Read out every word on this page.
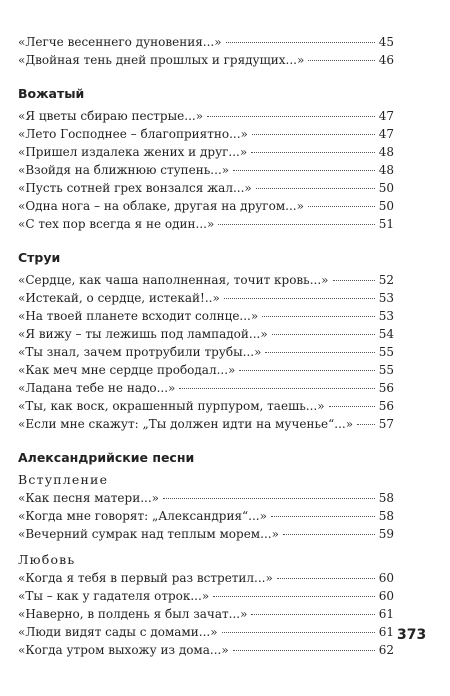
«Легче весеннего дуновения...»	45
«Двойная тень дней прошлых и грядущих...»	46
Вожатый
«Я цветы сбираю пестрые...»	47
«Лето Господнее – благоприятно...»	47
«Пришел издалека жених и друг...»	48
«Взойдя на ближнюю ступень...»	48
«Пусть сотней грех вонзался жал...»	50
«Одна нога – на облаке, другая на другом...»	50
«С тех пор всегда я не один...»	51
Струи
«Сердце, как чаша наполненная, точит кровь...»	52
«Истекай, о сердце, истекай!..»	53
«На твоей планете всходит солнце...»	53
«Я вижу – ты лежишь под лампадой...»	54
«Ты знал, зачем протрубили трубы...»	55
«Как меч мне сердце прободал...»	55
«Ладана тебе не надо...»	56
«Ты, как воск, окрашенный пурпуром, таешь...»	56
«Если мне скажут: „Ты должен идти на мученье“...» 57
Александрийские песни
Вступление
«Как песня матери...»	58
«Когда мне говорят: „Александрия“...»	58
«Вечерний сумрак над теплым морем...»	59
Любовь
«Когда я тебя в первый раз встретил...»	60
«Ты – как у гадателя отрок...»	60
«Наверно, в полдень я был зачат...»	61
«Люди видят сады с домами...»	61
«Когда утром выхожу из дома...»	62
373
